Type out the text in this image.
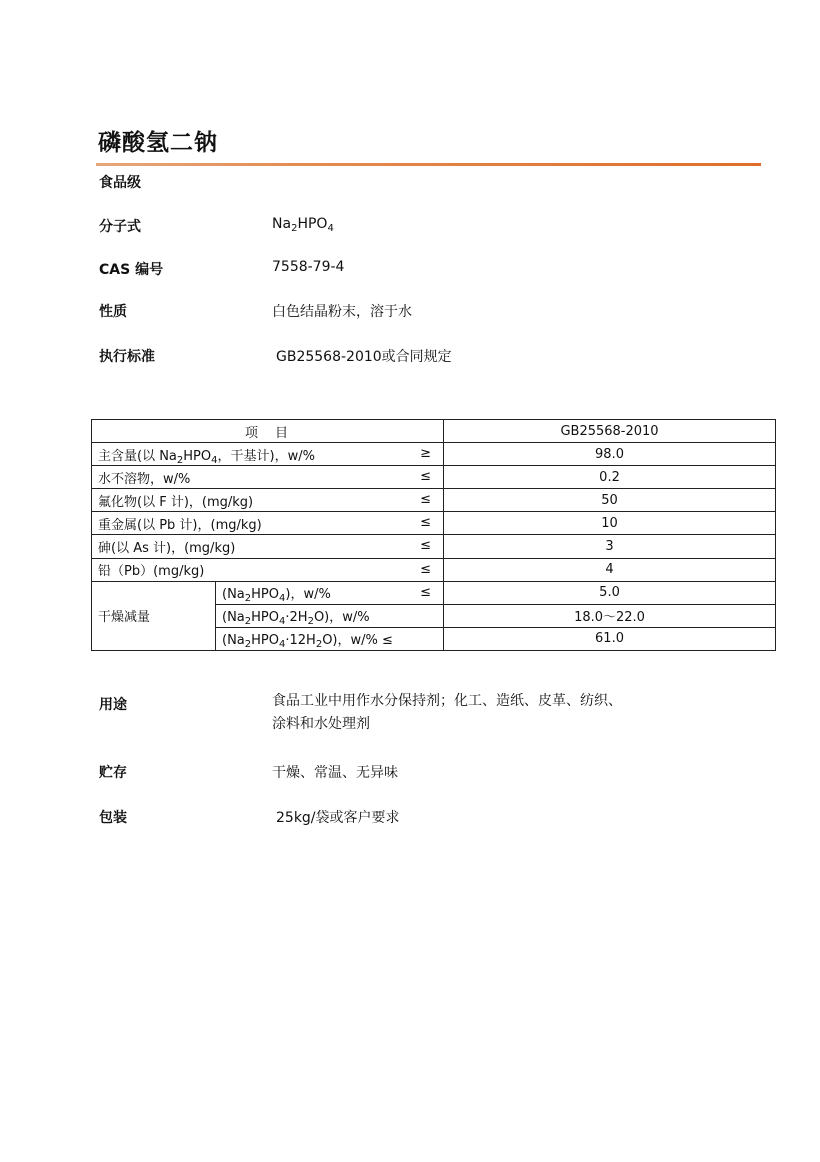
磷酸氢二钠
食品级
分子式	$Na_2HPO_4$
CAS 编号	7558-79-4
性质	白色结晶粉末，溶于水
执行标准	GB25568-2010或合同规定
项　目		GB25568-2010
主含量(以 $Na_2HPO_4$，干基计)，w/% ≥		98.0
水不溶物，w/% ≤		0.2
氟化物(以 F 计)，(mg/kg) ≤		50
重金属(以 Pb 计)，(mg/kg) ≤		10
砷(以 As 计)，(mg/kg) ≤		3
铅（Pb）(mg/kg) ≤		4
干燥减量	$(Na_2HPO_4)$，w/% ≤	5.0
	$(Na_2HPO_4\cdot 2H_2O)$，w/%	18.0～22.0
	$(Na_2HPO_4\cdot 12H_2O)$，w/% ≤	61.0
用途	食品工业中用作水分保持剂；化工、造纸、皮革、纺织、
涂料和水处理剂
贮存	干燥、常温、无异味
包装	25kg/袋或客户要求
